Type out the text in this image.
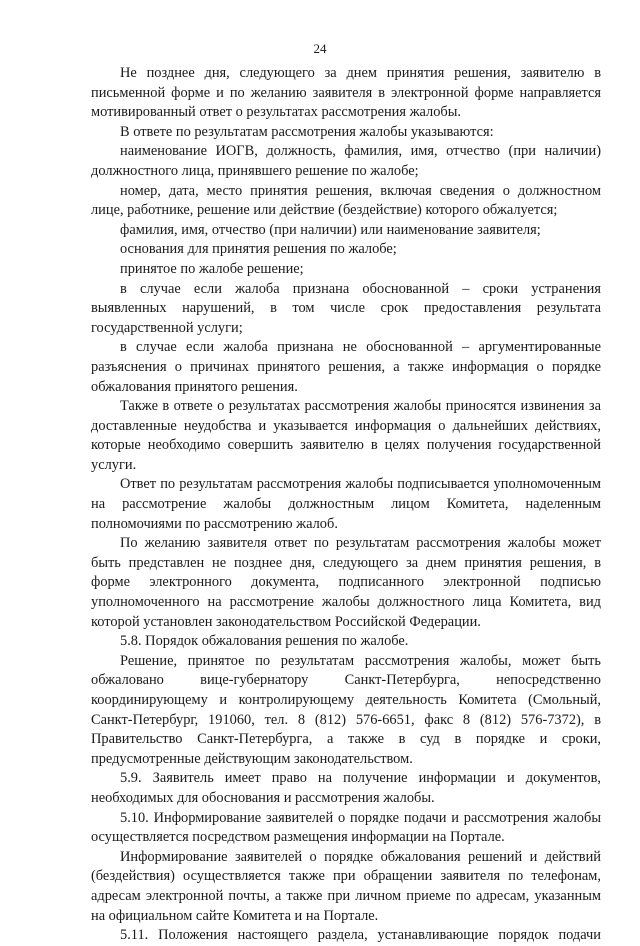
24

Не позднее дня, следующего за днем принятия решения, заявителю в письменной форме и по желанию заявителя в электронной форме направляется мотивированный ответ о результатах рассмотрения жалобы.

В ответе по результатам рассмотрения жалобы указываются:

наименование ИОГВ, должность, фамилия, имя, отчество (при наличии) должностного лица, принявшего решение по жалобе;

номер, дата, место принятия решения, включая сведения о должностном лице, работнике, решение или действие (бездействие) которого обжалуется;

фамилия, имя, отчество (при наличии) или наименование заявителя;

основания для принятия решения по жалобе;

принятое по жалобе решение;

в случае если жалоба признана обоснованной – сроки устранения выявленных нарушений, в том числе срок предоставления результата государственной услуги;

в случае если жалоба признана не обоснованной – аргументированные разъяснения о причинах принятого решения, а также информация о порядке обжалования принятого решения.

Также в ответе о результатах рассмотрения жалобы приносятся извинения за доставленные неудобства и указывается информация о дальнейших действиях, которые необходимо совершить заявителю в целях получения государственной услуги.

Ответ по результатам рассмотрения жалобы подписывается уполномоченным на рассмотрение жалобы должностным лицом Комитета, наделенным полномочиями по рассмотрению жалоб.

По желанию заявителя ответ по результатам рассмотрения жалобы может быть представлен не позднее дня, следующего за днем принятия решения, в форме электронного документа, подписанного электронной подписью уполномоченного на рассмотрение жалобы должностного лица Комитета, вид которой установлен законодательством Российской Федерации.

5.8. Порядок обжалования решения по жалобе.

Решение, принятое по результатам рассмотрения жалобы, может быть обжаловано вице-губернатору Санкт-Петербурга, непосредственно координирующему и контролирующему деятельность Комитета (Смольный, Санкт-Петербург, 191060, тел. 8 (812) 576-6651, факс 8 (812) 576-7372), в Правительство Санкт-Петербурга, а также в суд в порядке и сроки, предусмотренные действующим законодательством.

5.9. Заявитель имеет право на получение информации и документов, необходимых для обоснования и рассмотрения жалобы.

5.10. Информирование заявителей о порядке подачи и рассмотрения жалобы осуществляется посредством размещения информации на Портале.

Информирование заявителей о порядке обжалования решений и действий (бездействия) осуществляется также при обращении заявителя по телефонам, адресам электронной почты, а также при личном приеме по адресам, указанным на официальном сайте Комитета и на Портале.

5.11. Положения настоящего раздела, устанавливающие порядок подачи
